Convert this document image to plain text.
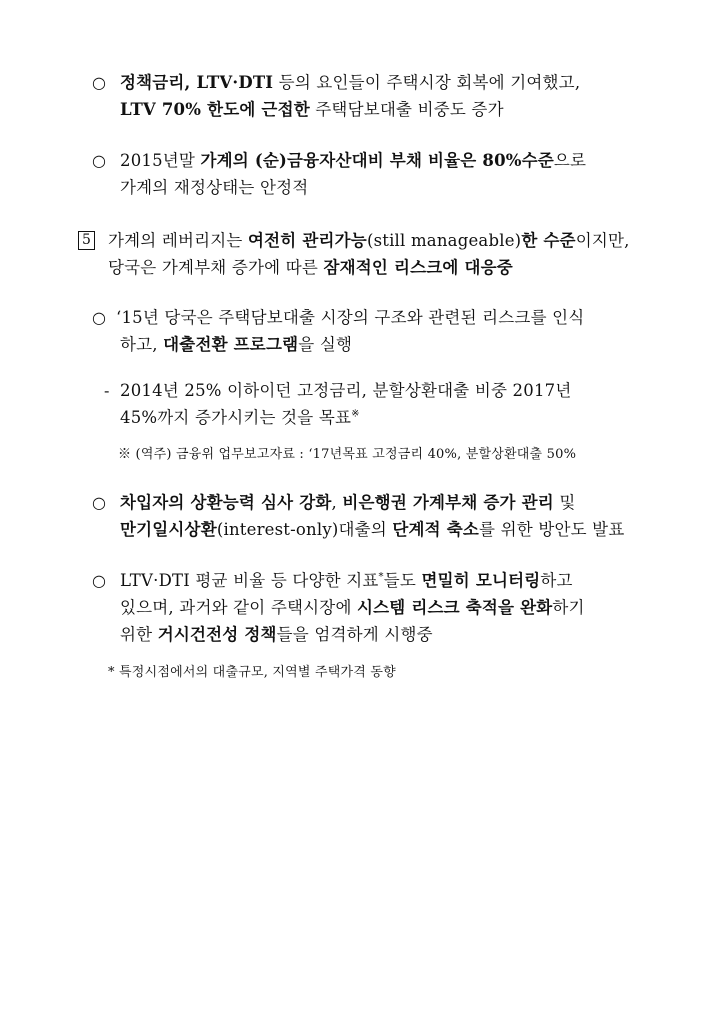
○ 정책금리, LTV·DTI 등의 요인들이 주택시장 회복에 기여했고,
LTV 70% 한도에 근접한 주택담보대출 비중도 증가
○ 2015년말 가계의 (순)금융자산대비 부채 비율은 80%수준으로
가계의 재정상태는 안정적
5 가계의 레버리지는 여전히 관리가능(still manageable)한 수준이지만,
당국은 가계부채 증가에 따른 잠재적인 리스크에 대응중
○ ‘15년 당국은 주택담보대출 시장의 구조와 관련된 리스크를 인식
하고, 대출전환 프로그램을 실행
- 2014년 25% 이하이던 고정금리, 분할상환대출 비중 2017년
45%까지 증가시키는 것을 목표※
※ (역주) 금융위 업무보고자료 : ‘17년목표 고정금리 40%, 분할상환대출 50%
○ 차입자의 상환능력 심사 강화, 비은행권 가계부채 증가 관리 및
만기일시상환(interest-only)대출의 단계적 축소를 위한 방안도 발표
○ LTV·DTI 평균 비율 등 다양한 지표*들도 면밀히 모니터링하고
있으며, 과거와 같이 주택시장에 시스템 리스크 축적을 완화하기
위한 거시건전성 정책들을 엄격하게 시행중
* 특정시점에서의 대출규모, 지역별 주택가격 동향
